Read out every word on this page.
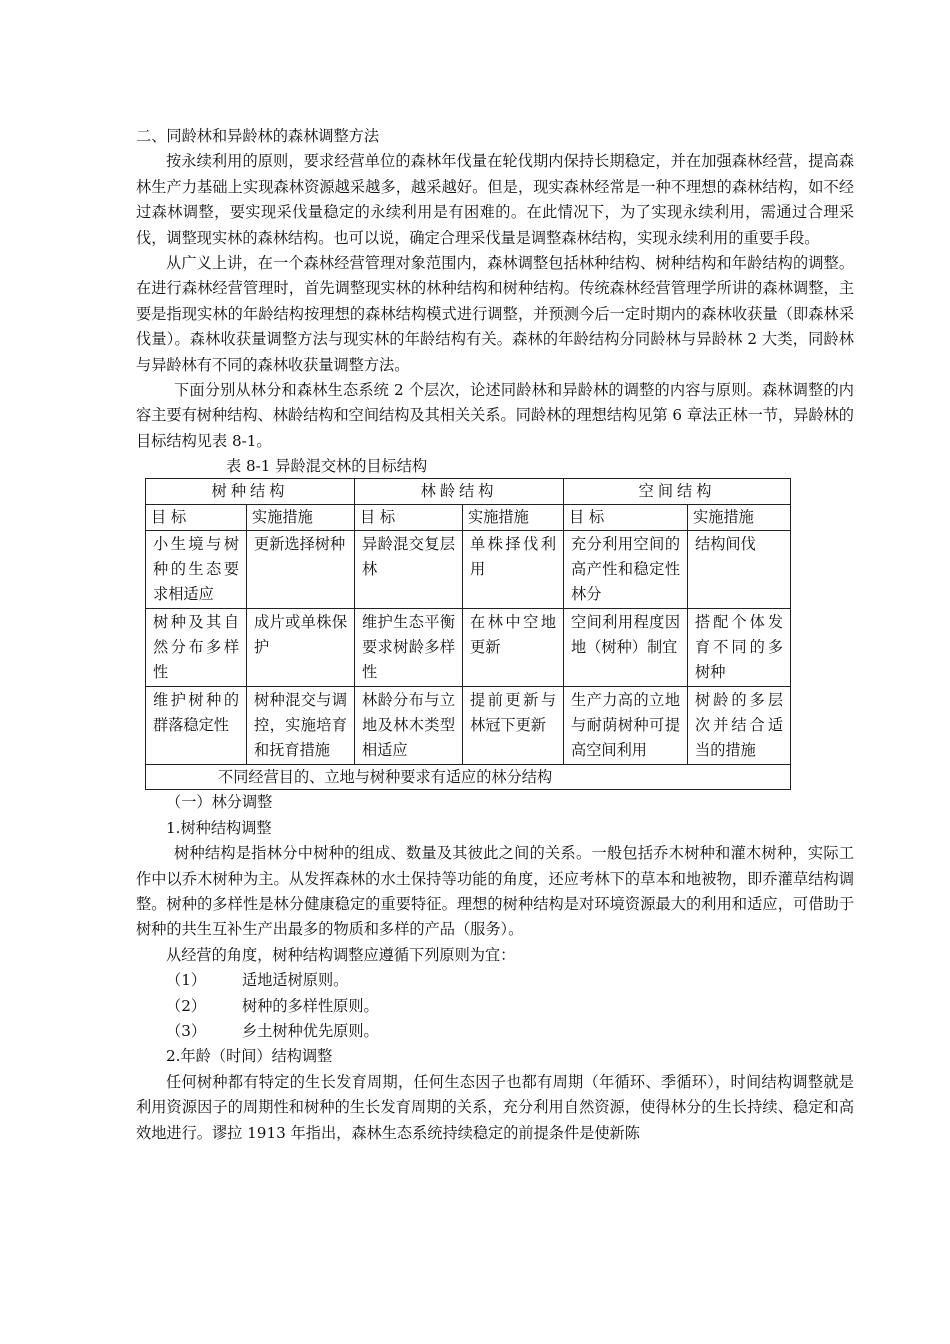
二、同龄林和异龄林的森林调整方法

按永续利用的原则，要求经营单位的森林年伐量在轮伐期内保持长期稳定，并在加强森林经营，提高森林生产力基础上实现森林资源越采越多，越采越好。但是，现实森林经常是一种不理想的森林结构，如不经过森林调整，要实现采伐量稳定的永续利用是有困难的。在此情况下，为了实现永续利用，需通过合理采伐，调整现实林的森林结构。也可以说，确定合理采伐量是调整森林结构，实现永续利用的重要手段。

从广义上讲，在一个森林经营管理对象范围内，森林调整包括林种结构、树种结构和年龄结构的调整。在进行森林经营管理时，首先调整现实林的林种结构和树种结构。传统森林经营管理学所讲的森林调整，主要是指现实林的年龄结构按理想的森林结构模式进行调整，并预测今后一定时期内的森林收获量（即森林采伐量）。森林收获量调整方法与现实林的年龄结构有关。森林的年龄结构分同龄林与异龄林 2 大类，同龄林与异龄林有不同的森林收获量调整方法。

下面分别从林分和森林生态系统 2 个层次，论述同龄林和异龄林的调整的内容与原则。森林调整的内容主要有树种结构、林龄结构和空间结构及其相关关系。同龄林的理想结构见第 6 章法正林一节，异龄林的目标结构见表 8-1。

表 8-1 异龄混交林的目标结构

树种结构		林龄结构		空间结构	
目 标	实施措施	目 标	实施措施	目 标	实施措施
小生境与树种的生态要求相适应	更新选择树种	异龄混交复层林	单株择伐利用	充分利用空间的高产性和稳定性林分	结构间伐
树种及其自然分布多样性	成片或单株保护	维护生态平衡要求树龄多样性	在林中空地更新	空间利用程度因地（树种）制宜	搭配个体发育不同的多树种
维护树种的群落稳定性	树种混交与调控，实施培育和抚育措施	林龄分布与立地及林木类型相适应	提前更新与林冠下更新	生产力高的立地与耐荫树种可提高空间利用	树龄的多层次并结合适当的措施
不同经营目的、立地与树种要求有适应的林分结构					

（一）林分调整

1.树种结构调整

树种结构是指林分中树种的组成、数量及其彼此之间的关系。一般包括乔木树种和灌木树种，实际工作中以乔木树种为主。从发挥森林的水土保持等功能的角度，还应考林下的草本和地被物，即乔灌草结构调整。树种的多样性是林分健康稳定的重要特征。理想的树种结构是对环境资源最大的利用和适应，可借助于树种的共生互补生产出最多的物质和多样的产品（服务）。

从经营的角度，树种结构调整应遵循下列原则为宜：

（1） 适地适树原则。

（2） 树种的多样性原则。

（3） 乡土树种优先原则。

2.年龄（时间）结构调整

任何树种都有特定的生长发育周期，任何生态因子也都有周期（年循环、季循环），时间结构调整就是利用资源因子的周期性和树种的生长发育周期的关系，充分利用自然资源，使得林分的生长持续、稳定和高效地进行。谬拉 1913 年指出，森林生态系统持续稳定的前提条件是使新陈
